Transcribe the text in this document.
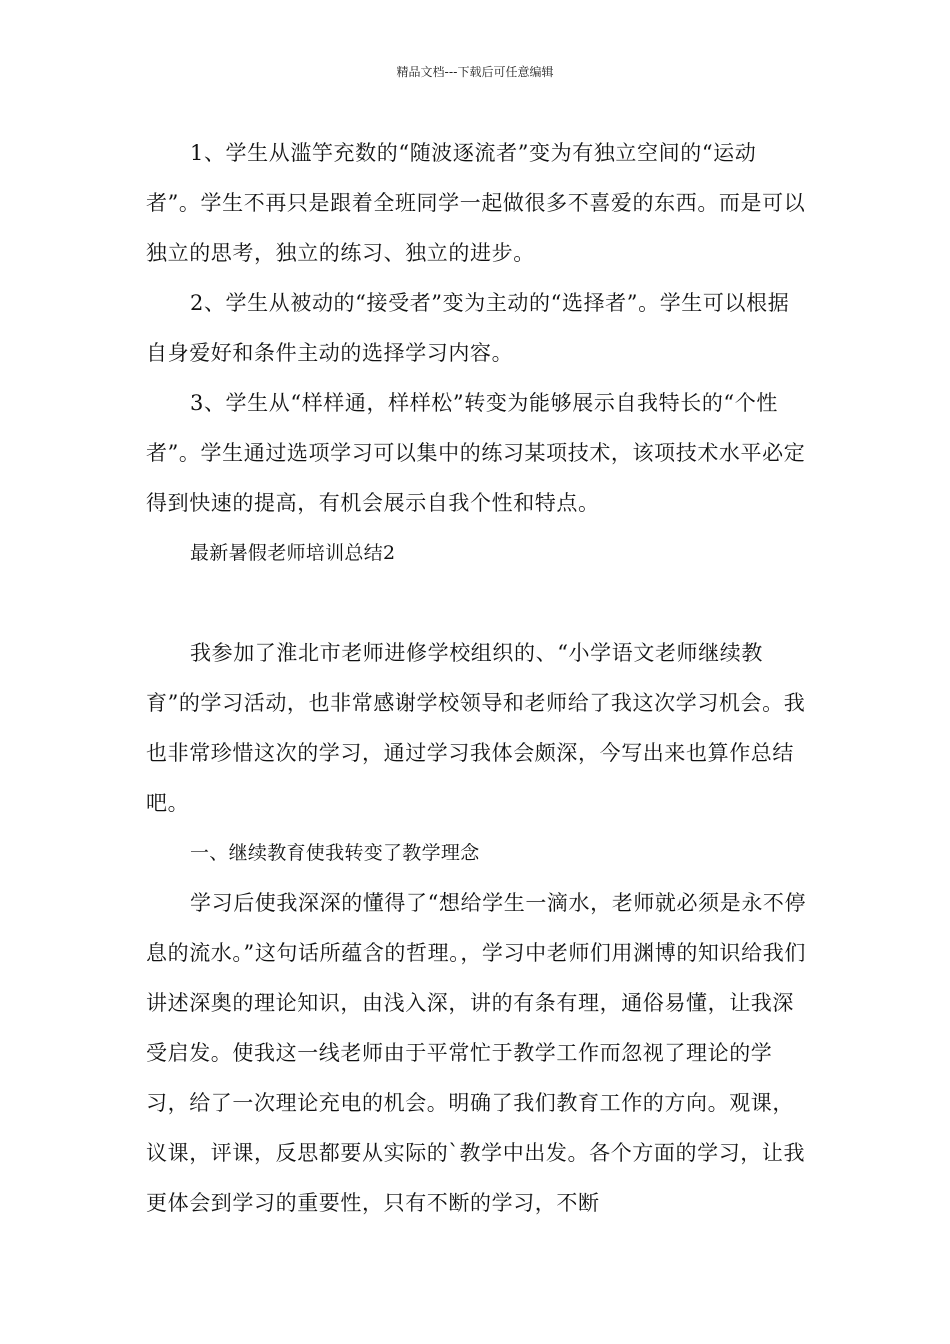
精品文档---下载后可任意编辑

1、学生从滥竽充数的“随波逐流者”变为有独立空间的“运动者”。学生不再只是跟着全班同学一起做很多不喜爱的东西。而是可以独立的思考，独立的练习、独立的进步。

2、学生从被动的“接受者”变为主动的“选择者”。学生可以根据自身爱好和条件主动的选择学习内容。

3、学生从“样样通，样样松”转变为能够展示自我特长的“个性者”。学生通过选项学习可以集中的练习某项技术，该项技术水平必定得到快速的提高，有机会展示自我个性和特点。

最新暑假老师培训总结2

我参加了淮北市老师进修学校组织的、“小学语文老师继续教育”的学习活动，也非常感谢学校领导和老师给了我这次学习机会。我也非常珍惜这次的学习，通过学习我体会颇深，今写出来也算作总结吧。

一、继续教育使我转变了教学理念

学习后使我深深的懂得了“想给学生一滴水，老师就必须是永不停息的流水。”这句话所蕴含的哲理。，学习中老师们用渊博的知识给我们讲述深奥的理论知识，由浅入深，讲的有条有理，通俗易懂，让我深受启发。使我这一线老师由于平常忙于教学工作而忽视了理论的学习，给了一次理论充电的机会。明确了我们教育工作的方向。观课，议课，评课，反思都要从实际的`教学中出发。各个方面的学习，让我更体会到学习的重要性，只有不断的学习，不断
